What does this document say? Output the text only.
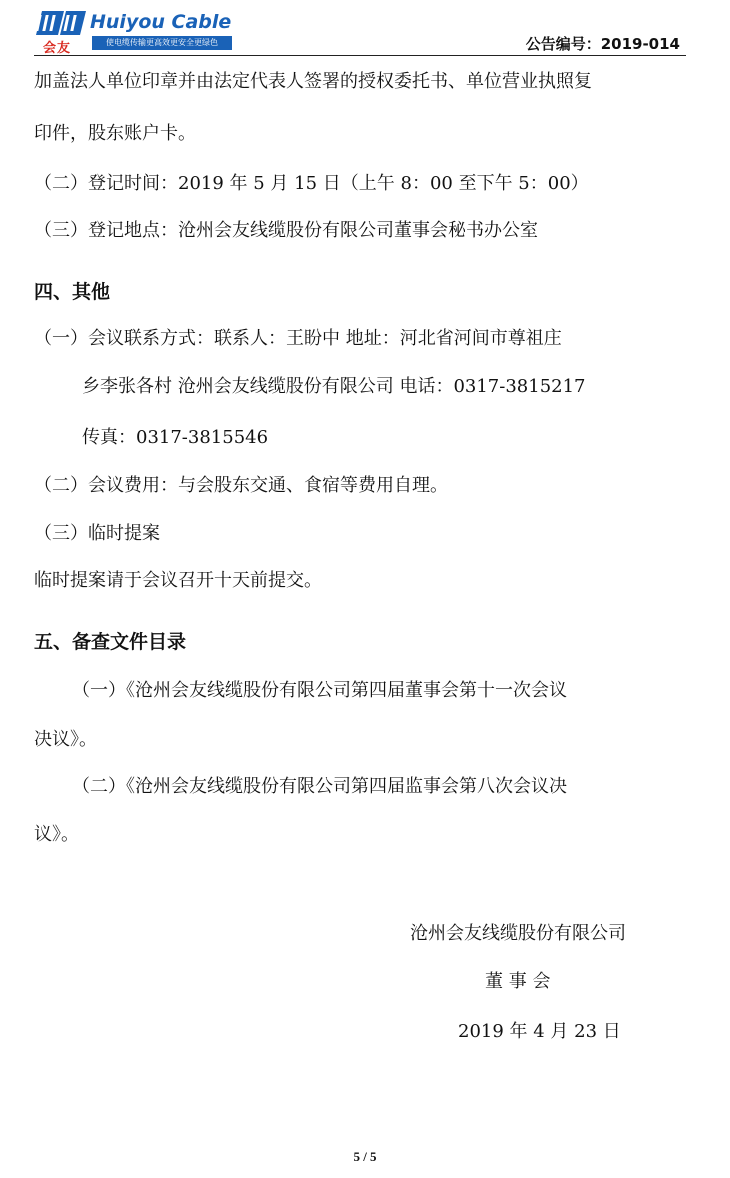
会友
Huiyou Cable
使电缆传输更高效更安全更绿色	公告编号：2019-014
加盖法人单位印章并由法定代表人签署的授权委托书、单位营业执照复
印件，股东账户卡。
（二）登记时间：2019 年 5 月 15 日（上午 8：00 至下午 5：00）
（三）登记地点：沧州会友线缆股份有限公司董事会秘书办公室
四、其他
（一）会议联系方式：联系人：王盼中 地址：河北省河间市尊祖庄
乡李张各村 沧州会友线缆股份有限公司 电话：0317-3815217
传真：0317-3815546
（二）会议费用：与会股东交通、食宿等费用自理。
（三）临时提案
临时提案请于会议召开十天前提交。
五、备查文件目录
（一）《沧州会友线缆股份有限公司第四届董事会第十一次会议
决议》。
（二）《沧州会友线缆股份有限公司第四届监事会第八次会议决
议》。
沧州会友线缆股份有限公司
董 事 会
2019 年 4 月 23 日
5 / 5
